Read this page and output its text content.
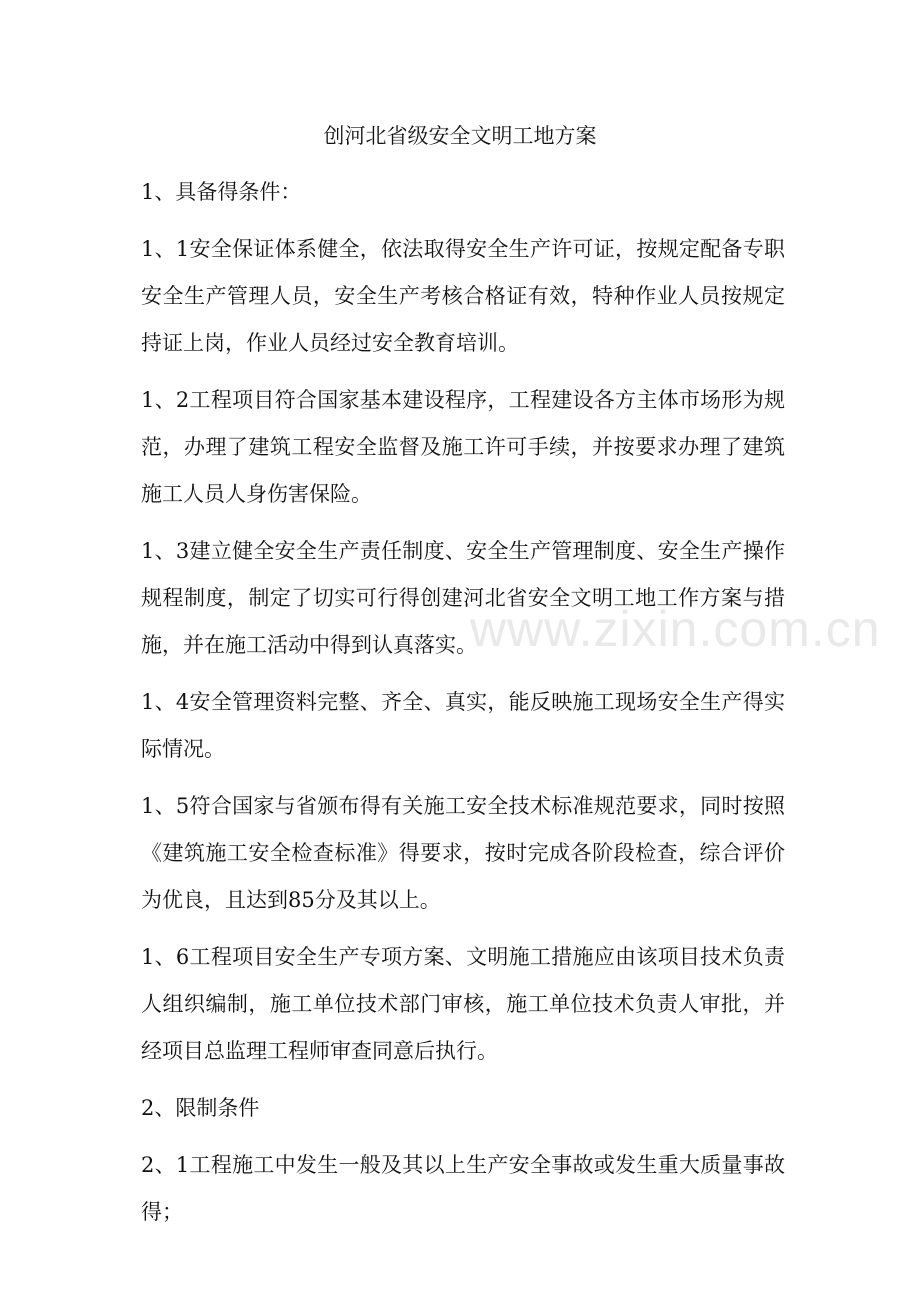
www.zixin.com.cn
创河北省级安全文明工地方案

1、具备得条件：

1、1安全保证体系健全，依法取得安全生产许可证，按规定配备专职安全生产管理人员，安全生产考核合格证有效，特种作业人员按规定持证上岗，作业人员经过安全教育培训。

1、2工程项目符合国家基本建设程序，工程建设各方主体市场形为规范，办理了建筑工程安全监督及施工许可手续，并按要求办理了建筑施工人员人身伤害保险。

1、3建立健全安全生产责任制度、安全生产管理制度、安全生产操作规程制度，制定了切实可行得创建河北省安全文明工地工作方案与措施，并在施工活动中得到认真落实。

1、4安全管理资料完整、齐全、真实，能反映施工现场安全生产得实际情况。

1、5符合国家与省颁布得有关施工安全技术标准规范要求，同时按照《建筑施工安全检查标准》得要求，按时完成各阶段检查，综合评价为优良，且达到85分及其以上。

1、6工程项目安全生产专项方案、文明施工措施应由该项目技术负责人组织编制，施工单位技术部门审核，施工单位技术负责人审批，并经项目总监理工程师审查同意后执行。

2、限制条件

2、1工程施工中发生一般及其以上生产安全事故或发生重大质量事故得；
